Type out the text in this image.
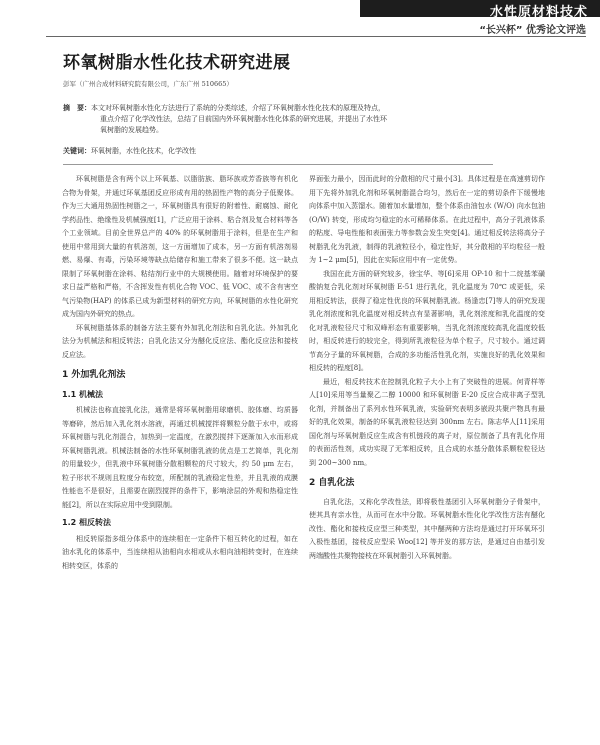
水性原材料技术
“长兴杯” 优秀论文评选
环氧树脂水性化技术研究进展
彭军（广州合成材料研究院有限公司，广东广州 510665）
摘　要：本文对环氧树脂水性化方法进行了系统的分类综述，介绍了环氧树脂水性化技术的原理及特点，
重点介绍了化学改性法，总结了目前国内外环氧树脂水性化体系的研究进展，并提出了水性环
氧树脂的发展趋势。
关键词：环氧树脂，水性化技术，化学改性

环氧树脂是含有两个以上环氧基、以脂肪族、脂环族或芳香族等有机化合物为骨架，并通过环氧基团反应形成有用的热固性产物的高分子低聚体。作为三大通用热固性树脂之一，环氧树脂具有很好的附着性、耐腐蚀、耐化学药品性、绝缘性及机械强度[1]，广泛应用于涂料、粘合剂及复合材料等各个工业领域。目前全世界总产的 40% 的环氧树脂用于涂料，但是在生产和使用中常用到大量的有机溶剂，这一方面增加了成本，另一方面有机溶剂易燃、易爆、有毒，污染环境等缺点给储存和施工带来了很多不便。这一缺点限制了环氧树脂在涂料、粘结剂行业中的大规模使用。随着对环境保护的要求日益严格和严格，不含挥发性有机化合物 VOC、低 VOC、或不含有害空气污染物(HAP) 的体系已成为新型材料的研究方向，环氧树脂的水性化研究成为国内外研究的热点。

环氧树脂基体系的制备方法主要有外加乳化剂法和自乳化法。外加乳化法分为机械法和相反转法；自乳化法又分为醚化反应法、酯化反应法和接枝反应法。

1 外加乳化剂法
1.1 机械法

机械法也称直接乳化法，通常是将环氧树脂用球磨机、胶体磨、均质器等磨碎，然后加入乳化剂水溶液，再通过机械搅拌将颗粒分散于水中，或将环氧树脂与乳化剂混合，加热到一定温度，在激烈搅拌下逐渐加入水而形成环氧树脂乳液。机械法制备的水性环氧树脂乳液的优点是工艺简单，乳化剂的用量较少，但乳液中环氧树脂分散相颗粒的尺寸较大，约 50 μm 左右，粒子形状不规则且粒度分布较宽，所配制的乳液稳定性差，并且乳液的成膜性能也不是很好，且需要在剧烈搅拌的条件下，影响涂层的外观和热稳定性能[2]，所以在实际应用中受到限制。

1.2 相反转法

相反转原指多组分体系中的连续相在一定条件下相互转化的过程，如在油水乳化的体系中，当连续相从油相向水相或从水相向油相转变时，在连续相转变区，体系的

界面张力最小，因而此时的分散相的尺寸最小[3]。具体过程是在高速剪切作用下先将外加乳化剂和环氧树脂混合均匀，然后在一定的剪切条件下缓慢地向体系中加入蒸馏水。随着加水量增加，整个体系由油包水 (W/O) 向水包油 (O/W) 转变，形成均匀稳定的水可稀释体系。在此过程中，高分子乳液体系的粘度、导电性能和表面张力等参数会发生突变[4]。通过相反转法将高分子树脂乳化为乳液，制得的乳液粒径小，稳定性好，其分散相的平均粒径一般为 1~2 μm[5]，因此在实际应用中有一定优势。

我国在此方面的研究较多，徐宝华、等[6]采用 OP-10 和十二烷基苯磺酸钠复合乳化剂对环氧树脂 E-51 进行乳化，乳化温度为 70℃ 或更低，采用相反转法，获得了稳定性优良的环氧树脂乳液。杨逢忠[7]等人的研究发现乳化剂浓度和乳化温度对相反转点有显著影响，乳化剂浓度和乳化温度的变化对乳液粒径尺寸和双峰形态有重要影响，当乳化剂浓度较高乳化温度较低时，相反转进行的较完全，得到所乳液粒径为单个粒子，尺寸较小。通过调节高分子量的环氧树脂，合成的多功能活性乳化剂，实施良好的乳化效果和相反转的程度[8]。

最近，相反转技术在控制乳化粒子大小上有了突破性的进展。何青样等人[10]采用等当量聚乙二醇 10000 和环氧树脂 E-20 反应合成非离子型乳化剂，并制备出了系列水性环氧乳液，实验研究表明多嵌段共聚产物具有最好的乳化效果，制备的环氧乳液粒径达到 300nm 左右。陈志华人[11]采用国化剂与环氧树脂反应生成含有机链段的离子对，原位制备了具有乳化作用的表面活性剂，成功实现了无苯相反转，且合成的水基分散体系颗粒粒径达到 200~300 nm。

2 自乳化法

自乳化法，又称化学改性法，即将极性基团引入环氧树脂分子骨架中，使其具有亲水性，从而可在水中分散。环氧树脂水性化化学改性方法有醚化改性、酯化和接枝反应型三种类型，其中醚两种方法均是通过打开环氧环引入极性基团，接枝反应型采 Woo[12] 等并发的那方法，是通过自由基引发两端酸性共聚物接枝在环氧树脂引入环氧树脂。
